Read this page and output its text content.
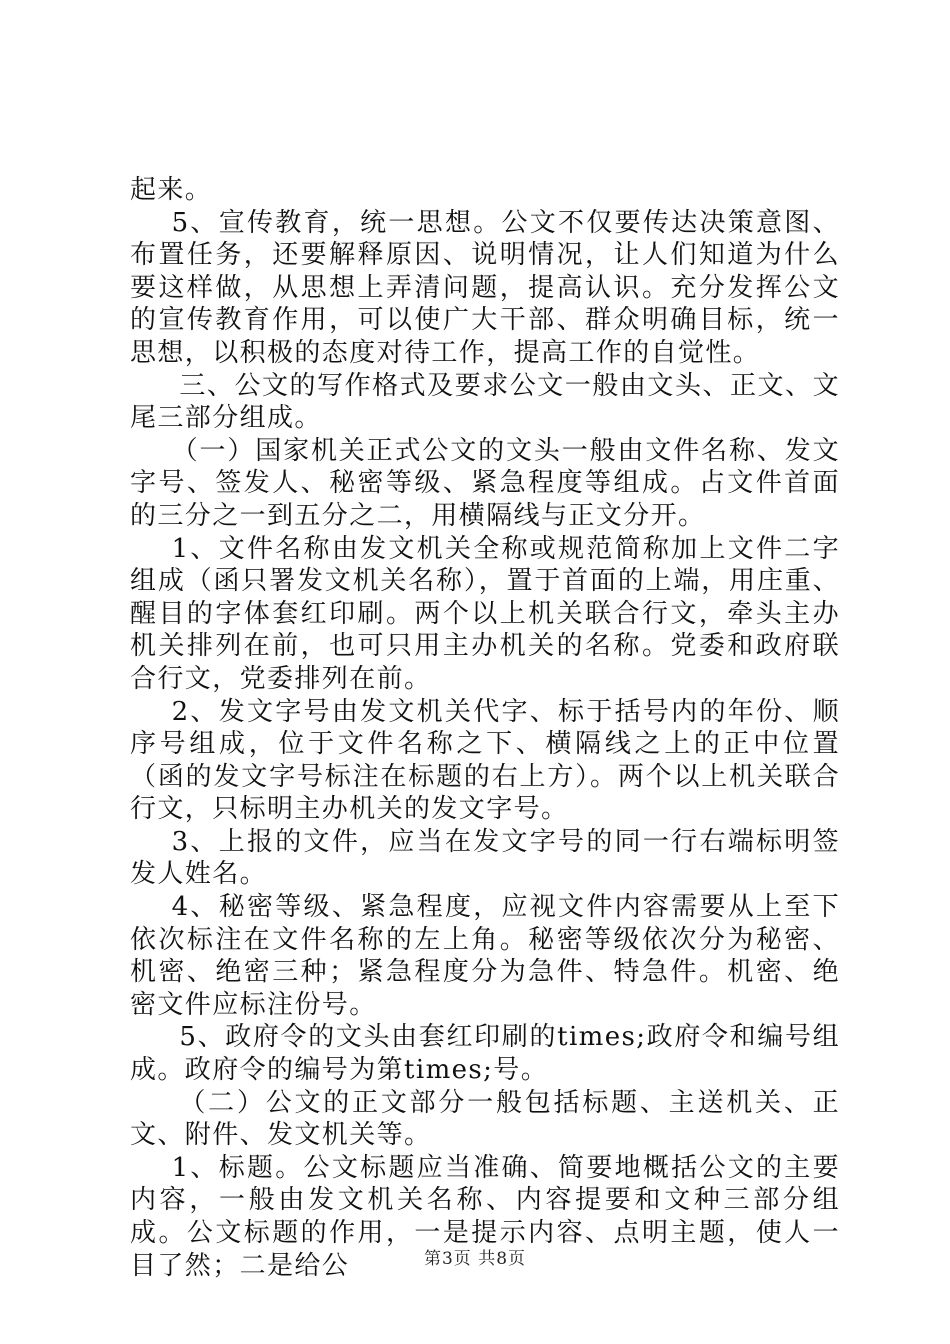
起来。

5、宣传教育，统一思想。公文不仅要传达决策意图、布置任务，还要解释原因、说明情况，让人们知道为什么要这样做，从思想上弄清问题，提高认识。充分发挥公文的宣传教育作用，可以使广大干部、群众明确目标，统一思想，以积极的态度对待工作，提高工作的自觉性。

三、公文的写作格式及要求公文一般由文头、正文、文尾三部分组成。

（一）国家机关正式公文的文头一般由文件名称、发文字号、签发人、秘密等级、紧急程度等组成。占文件首面的三分之一到五分之二，用横隔线与正文分开。

1、文件名称由发文机关全称或规范简称加上文件二字组成（函只署发文机关名称），置于首面的上端，用庄重、醒目的字体套红印刷。两个以上机关联合行文，牵头主办机关排列在前，也可只用主办机关的名称。党委和政府联合行文，党委排列在前。

2、发文字号由发文机关代字、标于括号内的年份、顺序号组成，位于文件名称之下、横隔线之上的正中位置（函的发文字号标注在标题的右上方）。两个以上机关联合行文，只标明主办机关的发文字号。

3、上报的文件，应当在发文字号的同一行右端标明签发人姓名。

4、秘密等级、紧急程度，应视文件内容需要从上至下依次标注在文件名称的左上角。秘密等级依次分为秘密、机密、绝密三种；紧急程度分为急件、特急件。机密、绝密文件应标注份号。

5、政府令的文头由套红印刷的times;政府令和编号组成。政府令的编号为第times;号。

（二）公文的正文部分一般包括标题、主送机关、正文、附件、发文机关等。

1、标题。公文标题应当准确、简要地概括公文的主要内容，一般由发文机关名称、内容提要和文种三部分组成。公文标题的作用，一是提示内容、点明主题，使人一目了然；二是给公	第3页 共8页
